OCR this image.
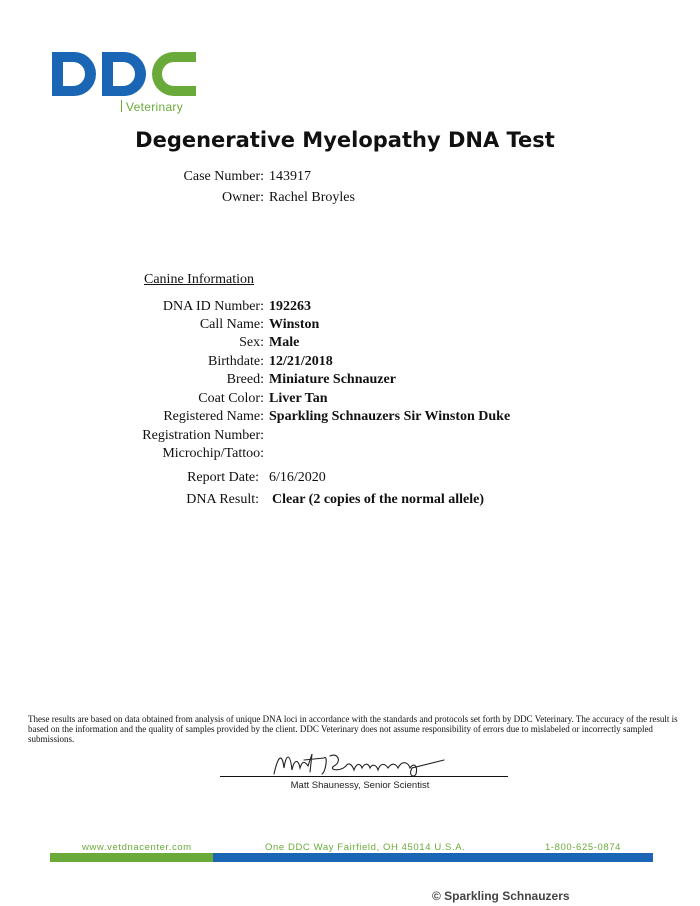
Veterinary
Degenerative Myelopathy DNA Test
Case Number: 143917
Owner: Rachel Broyles
Canine Information
DNA ID Number: 192263
Call Name: Winston
Sex: Male
Birthdate: 12/21/2018
Breed: Miniature Schnauzer
Coat Color: Liver Tan
Registered Name: Sparkling Schnauzers Sir Winston Duke
Registration Number:
Microchip/Tattoo:
Report Date: 6/16/2020
DNA Result: Clear (2 copies of the normal allele)
These results are based on data obtained from analysis of unique DNA loci in accordance with the standards and protocols set forth by DDC Veterinary. The accuracy of the result is based on the information and the quality of samples provided by the client. DDC Veterinary does not assume responsibility of errors due to mislabeled or incorrectly sampled submissions.
Matt Shaunessy, Senior Scientist
www.vetdnacenter.com	One DDC Way Fairfield, OH 45014 U.S.A.	1-800-625-0874
© Sparkling Schnauzers
